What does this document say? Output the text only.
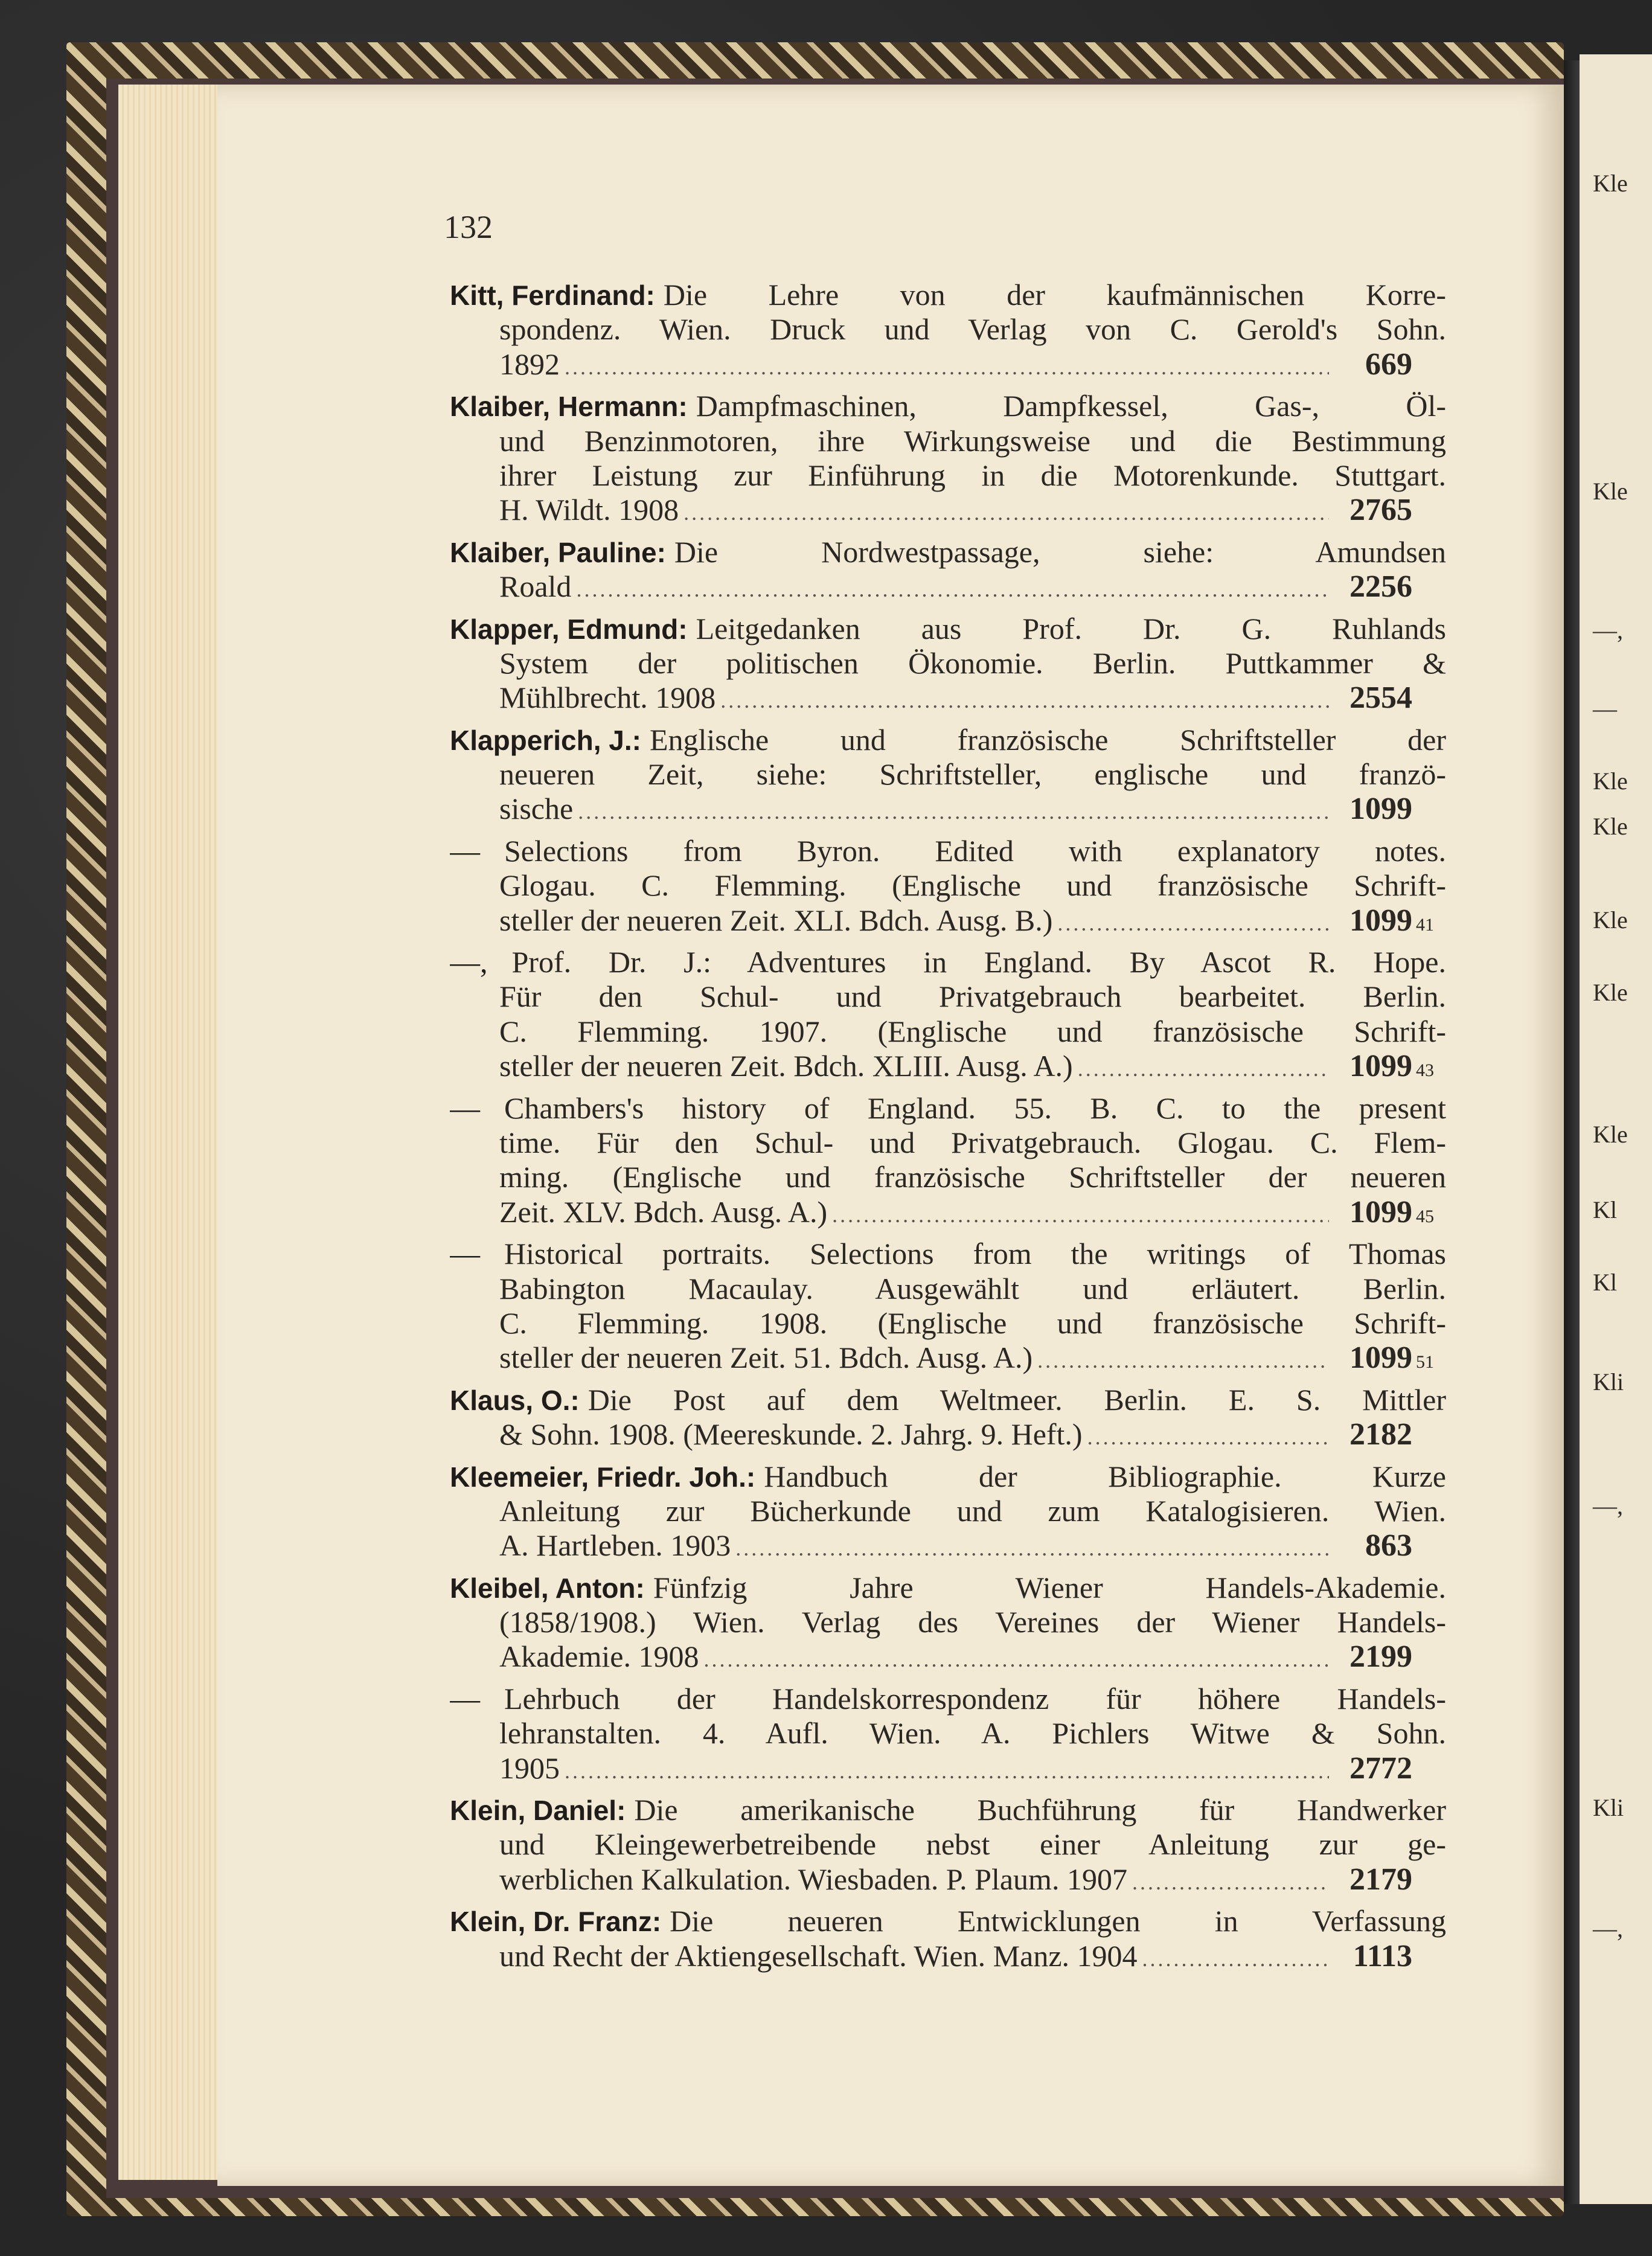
Kle
Kle
—,
—
Kle
Kle
Kle
Kle
Kle
Kl
Kl
Kli
—,
Kli
—,
132
Kitt, Ferdinand: Die Lehre von der kaufmännischen Korre-
spondenz. Wien. Druck und Verlag von C. Gerold's Sohn.
1892 .....	669
Klaiber, Hermann: Dampfmaschinen, Dampfkessel, Gas-, Öl-
und Benzinmotoren, ihre Wirkungsweise und die Bestimmung
ihrer Leistung zur Einführung in die Motorenkunde. Stuttgart.
H. Wildt. 1908 .....	2765
Klaiber, Pauline: Die Nordwestpassage, siehe: Amundsen
Roald .....	2256
Klapper, Edmund: Leitgedanken aus Prof. Dr. G. Ruhlands
System der politischen Ökonomie. Berlin. Puttkammer &
Mühlbrecht. 1908 .....	2554
Klapperich, J.: Englische und französische Schriftsteller der
neueren Zeit, siehe: Schriftsteller, englische und franzö-
sische .....	1099
— Selections from Byron. Edited with explanatory notes.
Glogau. C. Flemming. (Englische und französische Schrift-
steller der neueren Zeit. XLI. Bdch. Ausg. B.) .....	1099 41
—, Prof. Dr. J.: Adventures in England. By Ascot R. Hope.
Für den Schul- und Privatgebrauch bearbeitet. Berlin.
C. Flemming. 1907. (Englische und französische Schrift-
steller der neueren Zeit. Bdch. XLIII. Ausg. A.) .....	1099 43
— Chambers's history of England. 55. B. C. to the present
time. Für den Schul- und Privatgebrauch. Glogau. C. Flem-
ming. (Englische und französische Schriftsteller der neueren
Zeit. XLV. Bdch. Ausg. A.) .....	1099 45
— Historical portraits. Selections from the writings of Thomas
Babington Macaulay. Ausgewählt und erläutert. Berlin.
C. Flemming. 1908. (Englische und französische Schrift-
steller der neueren Zeit. 51. Bdch. Ausg. A.) .....	1099 51
Klaus, O.: Die Post auf dem Weltmeer. Berlin. E. S. Mittler
& Sohn. 1908. (Meereskunde. 2. Jahrg. 9. Heft.) .....	2182
Kleemeier, Friedr. Joh.: Handbuch der Bibliographie. Kurze
Anleitung zur Bücherkunde und zum Katalogisieren. Wien.
A. Hartleben. 1903 .....	863
Kleibel, Anton: Fünfzig Jahre Wiener Handels-Akademie.
(1858/1908.) Wien. Verlag des Vereines der Wiener Handels-
Akademie. 1908 .....	2199
— Lehrbuch der Handelskorrespondenz für höhere Handels-
lehranstalten. 4. Aufl. Wien. A. Pichlers Witwe & Sohn.
1905 .....	2772
Klein, Daniel: Die amerikanische Buchführung für Handwerker
und Kleingewerbetreibende nebst einer Anleitung zur ge-
werblichen Kalkulation. Wiesbaden. P. Plaum. 1907 .....	2179
Klein, Dr. Franz: Die neueren Entwicklungen in Verfassung
und Recht der Aktiengesellschaft. Wien. Manz. 1904 .....	1113
